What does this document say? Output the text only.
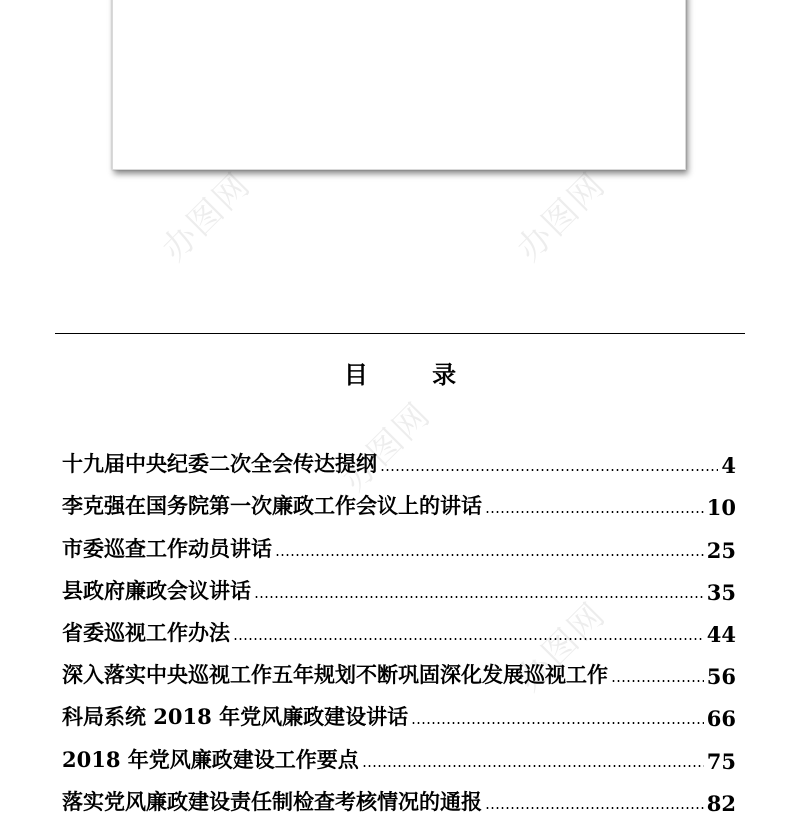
办图网	办图网
办图网
办图网
目 录
十九届中央纪委二次全会传达提纲	4
李克强在国务院第一次廉政工作会议上的讲话	10
市委巡查工作动员讲话	25
县政府廉政会议讲话	35
省委巡视工作办法	44
深入落实中央巡视工作五年规划不断巩固深化发展巡视工作	56
科局系统 2018 年党风廉政建设讲话	66
2018 年党风廉政建设工作要点	75
落实党风廉政建设责任制检查考核情况的通报	82
